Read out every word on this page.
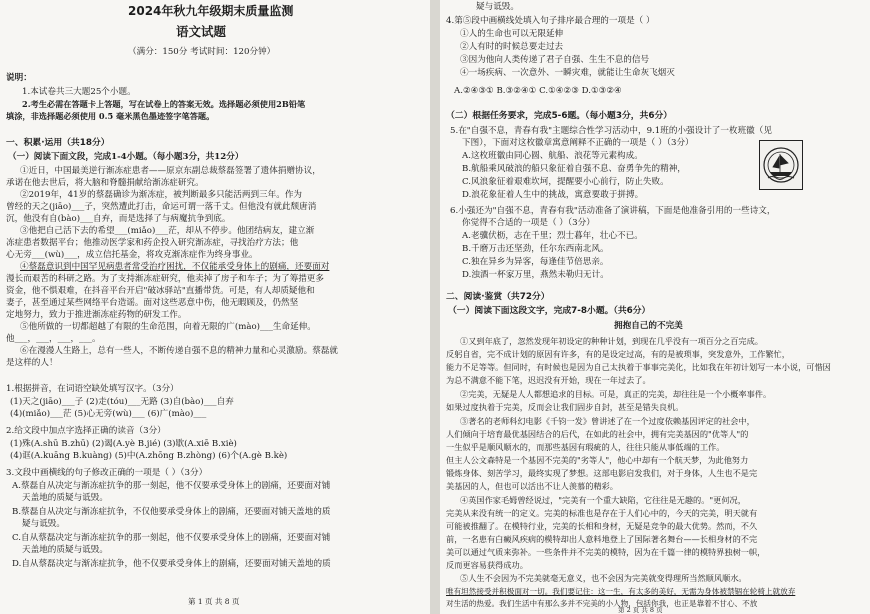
2024年秋九年级期末质量监测
语文试题
（满分：150分 考试时间：120分钟）
说明：
1.本试卷共三大题25个小题。
2.考生必需在答题卡上答题，写在试卷上的答案无效。选择题必须使用2B铅笔
填涂，非选择题必须使用 0.5 毫米黑色墨迹签字笔答题。
一、积累·运用（共18分）
（一）阅读下面文段，完成1-4小题。（每小题3分，共12分）
①近日，中国最美逆行渐冻症患者——原京东副总裁蔡磊签署了遗体捐赠协议，
承诺在他去世后，将大脑和脊髓捐献给渐冻症研究。
②2019年，41岁的蔡磊确诊为渐冻症，被判断最多只能活两到三年。作为
曾经的天之(jiāo)___子，突然遭此打击，命运可谓一落千丈。但他没有就此颓唐消
沉，他没有自(bào)___自弃，而是选择了与病魔抗争到底。
③他把自己活下去的希望___(miǎo)___茫，却从不停步。他团结病友，建立渐
冻症患者数据平台；他推动医学家和药企投入研究渐冻症，寻找治疗方法；他
心无旁___(wù)___，成立信托基金，将攻克渐冻症作为终身事业。
④蔡磊意识到中国罕见病患者常受治疗困扰，不仅能承受身体上的剧痛，还要面对
漫长而艰苦的科研之路。为了支持渐冻症研究，他卖掉了房子和车子；为了筹措更多
资金，他不惧艰难，在抖音平台开启"破冰驿站"直播带货。可是，有人却质疑他和
妻子，甚至通过某些网络平台造谣。面对这些恶意中伤，他无暇顾及，仍然坚
定地努力，致力于推进渐冻症药物的研发工作。
⑤他所做的一切都超越了有限的生命范围，向着无限的广(mào)___生命延伸。
他___，___，___，___。
⑥在漫漫人生路上，总有一些人，不断传递自强不息的精神力量和心灵激励。蔡磊就
是这样的人！
1.根据拼音，在词语空缺处填写汉字。（3分）
(1)天之(jiāo)___子 (2)走(tóu)___无路 (3)自(bào)___自弃
(4)(miǎo)___茫 (5)心无旁(wù)___ (6)广(mào)___
2.给文段中加点字选择正确的读音（3分）
(1)殊(A.shū B.zhū) (2)谒(A.yè B.jié) (3)歇(A.xiē B.xiè)
(4)诓(A.kuāng B.kuàng) (5)中(A.zhōng B.zhòng) (6)个(A.gè B.kè)
3.文段中画横线的句子修改正确的一项是（ ）（3分）
A.蔡磊自从决定与渐冻症抗争的那一刻起，他不仅要承受身体上的剧痛，还要面对铺
天盖地的质疑与诋毁。
B.蔡磊自从决定与渐冻症抗争，不仅他要承受身体上的剧痛，还要面对铺天盖地的质
疑与诋毁。
C.自从蔡磊决定与渐冻症抗争的那一刻起，他不仅要承受身体上的剧痛，还要面对铺
天盖地的质疑与诋毁。
D.自从蔡磊决定与渐冻症抗争，他不仅要承受身体上的剧痛，还要面对铺天盖地的质
第 1 页 共 8 页
疑与诋毁。
4.第⑤段中画横线处填入句子排序最合理的一项是（ ）
①人的生命也可以无限延伸
②人有时的时候总要走过去
③因为他向人类传递了君子自强、生生不息的信号
④一场疾病、一次意外、一瞬灾难，就能让生命灰飞烟灭
A.②④③① B.③②④① C.①④②③ D.①③②④
（二）根据任务要求，完成5-6题。（每小题3分，共6分）
5.在"自强不息，青春有我"主题综合性学习活动中，9.1班的小强设计了一枚班徽（见
下图），下面对这枚徽章寓意阐释不正确的一项是（ ）（3分）
A.这枚班徽由同心圆、航船、浪花等元素构成。
B.航船乘风破浪的船只象征着自强不息、奋勇争先的精神，
C.风浪象征着艰难坎坷，提醒要小心前行，防止失败。
D.浪花象征着人生中的挑战，寓意要敢于拼搏。
6.小强还为"自强不息，青春有我"活动准备了演讲稿，下面是他准备引用的一些诗文，
你觉得不合适的一项是（ ）（3分）
A.老骥伏枥，志在千里；烈士暮年，壮心不已。
B.千磨万击还坚劲，任尔东西南北风。
C.独在异乡为异客，每逢佳节倍思亲。
D.浊酒一杯家万里，燕然未勒归无计。
二、阅读·鉴赏（共72分）
（一）阅读下面这段文字，完成7-8小题。（共6分）
拥抱自己的不完美
①又到年底了，忽然发现年初设定的种种计划，到现在几乎没有一项百分之百完成。
反躬自省，完不成计划的原因有许多，有的是设定过高，有的是被琐事，突发意外，工作繁忙，
能力不足等等。但同时，有时候也是因为自己太执着于事事完美化，比如我在年初计划写一本小说，可惜因
为总不满意不能下笔，迟迟没有开始，现在一年过去了。
②完美，无疑是人人都想追求的目标。可是，真正的完美，却往往是一个小概率事件。
如果过度执着于完美，反而会让我们固步自封，甚至是错失良机。
③著名的老师科幻电影《千钧一发》曾讲述了在一个过度依赖基因评定的社会中，
人们倾向于培育最优基因结合的后代，在如此的社会中，拥有完美基因的"优等人"的
一生似乎是顺风顺水的，而那些基因有瑕疵的人，往往只能从事低端的工作。
但主人公文森特是一个基因不完美的"劣等人"，他心中却有一个航天梦，为此他努力
锻炼身体、刻苦学习，最终实现了梦想。这部电影启发我们，对于身体，人生也不是完
美基因的人，但也可以活出不让人羡慕的精彩。
④英国作家毛姆曾经说过，"完美有一个重大缺陷，它往往是无趣的。"更何况，
完美从来没有统一的定义。完美的标准也是存在于人们心中的，今天的完美，明天就有
可能被推翻了。在模特行业，完美的长相和身材，无疑是竞争的最大优势。然而，不久
前，一名患有白癜风疾病的模特却出人意料地登上了国际著名舞台——长相身材的不完
美可以通过气质来弥补。一些条件并不完美的模特，因为在千篇一律的模特界独树一帜，
反而更容易获得成功。
⑤人生不会因为不完美就毫无意义，也不会因为完美就变得理所当然顺风顺水。
唯有坦然接受并积极面对一切。我们要记住：这一生，有太多的美好，无需为身体被禁锢在轮椅上就放弃
对生活的热爱。我们生活中有那么多并不完美的小人物，包括你我，也正是靠着不甘心、不放
第 2 页 共 8 页
